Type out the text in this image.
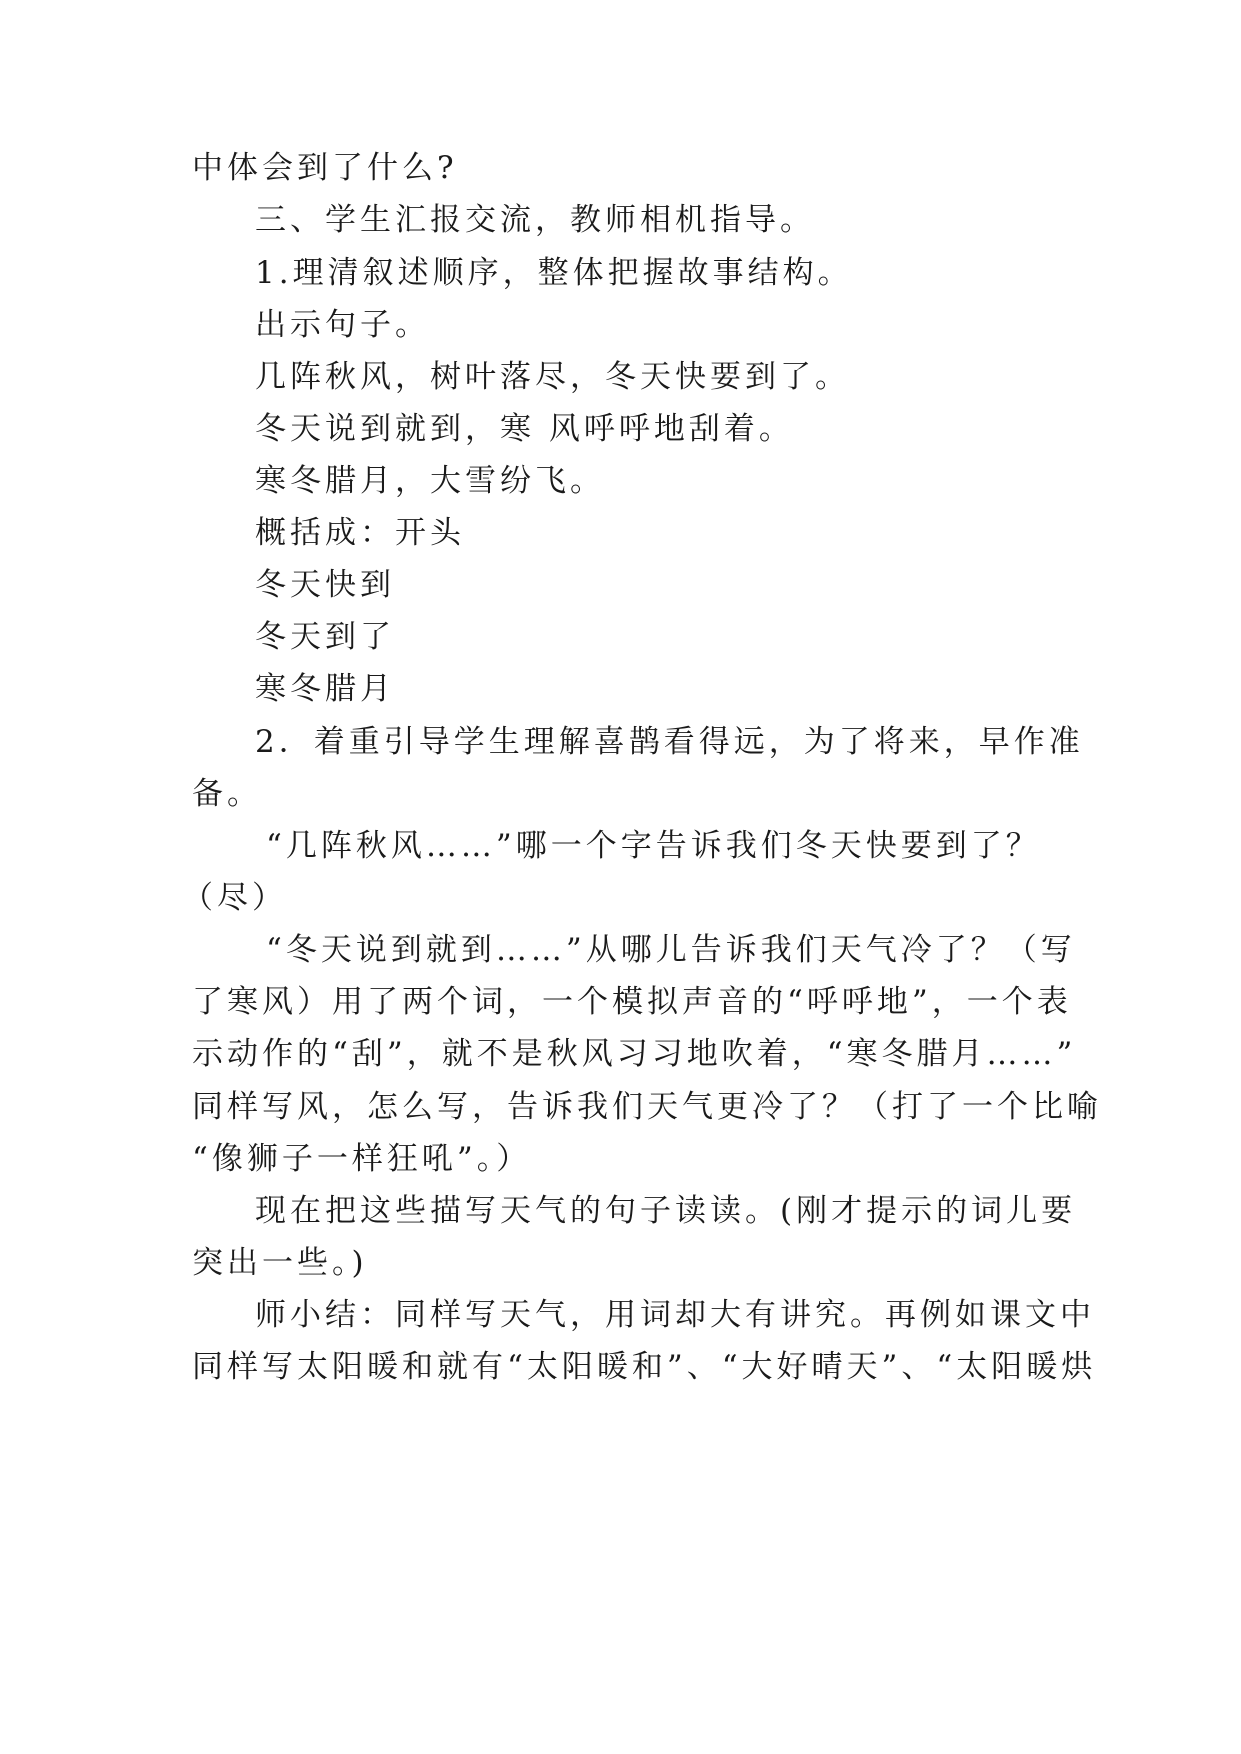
中体会到了什么?
三、学生汇报交流，教师相机指导。
1.理清叙述顺序，整体把握故事结构。
出示句子。
几阵秋风，树叶落尽，冬天快要到了。
冬天说到就到，寒 风呼呼地刮着。
寒冬腊月，大雪纷飞。
概括成：开头
冬天快到
冬天到了
寒冬腊月
2．着重引导学生理解喜鹊看得远，为了将来，早作准
备。
“几阵秋风……”哪一个字告诉我们冬天快要到了？
（尽）
“冬天说到就到……”从哪儿告诉我们天气冷了？（写
了寒风）用了两个词，一个模拟声音的“呼呼地”，一个表
示动作的“刮”，就不是秋风习习地吹着，“寒冬腊月……”
同样写风，怎么写，告诉我们天气更冷了？（打了一个比喻
“像狮子一样狂吼”。）
现在把这些描写天气的句子读读。(刚才提示的词儿要
突出一些。)
师小结：同样写天气，用词却大有讲究。再例如课文中
同样写太阳暖和就有“太阳暖和”、“大好晴天”、“太阳暖烘
